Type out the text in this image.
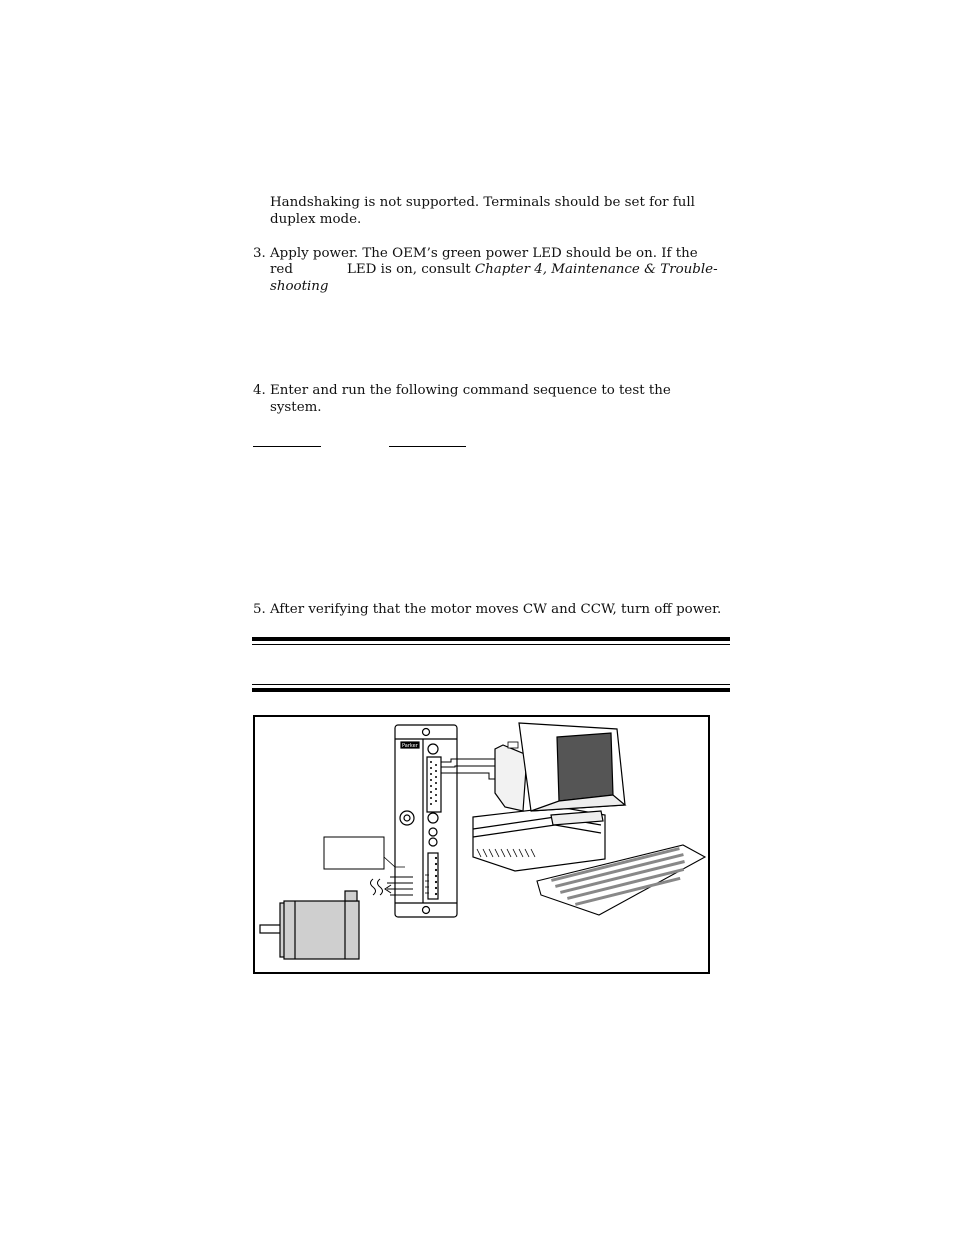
Handshaking is not supported. Terminals should be set for full
duplex mode.
3. Apply power. The OEM’s green power LED should be on. If the
red	LED is on, consult Chapter 4, Maintenance & Trouble-
shooting
4. Enter and run the following command sequence to test the
system.
5. After verifying that the motor moves CW and CCW, turn off power.
Parker
